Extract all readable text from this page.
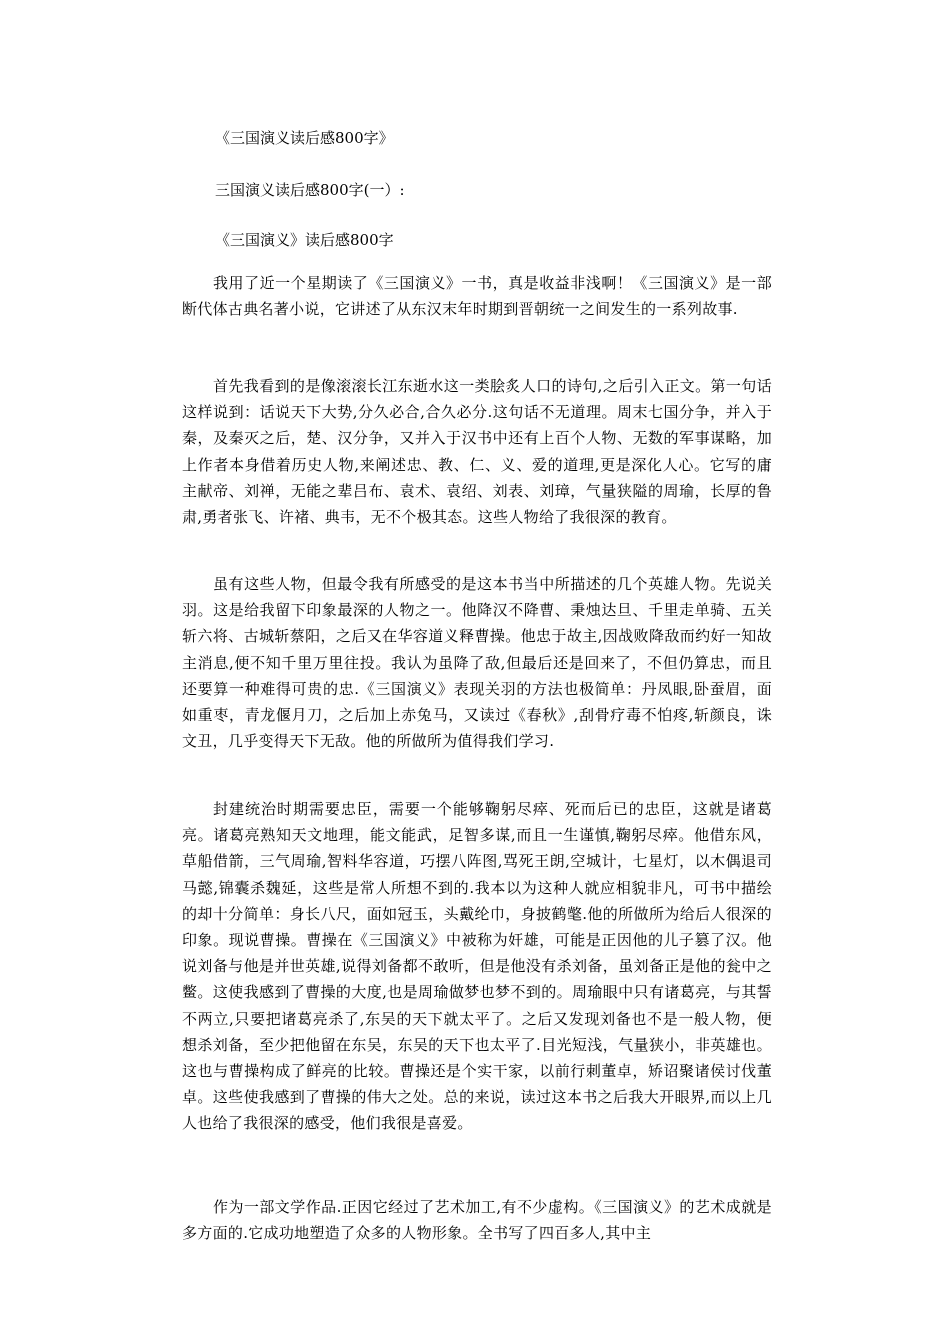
《三国演义读后感800字》
三国演义读后感800字(一）:
《三国演义》读后感800字

我用了近一个星期读了《三国演义》一书，真是收益非浅啊！《三国演义》是一部断代体古典名著小说，它讲述了从东汉末年时期到晋朝统一之间发生的一系列故事.

首先我看到的是像滚滚长江东逝水这一类脍炙人口的诗句,之后引入正文。第一句话这样说到：话说天下大势,分久必合,合久必分.这句话不无道理。周末七国分争，并入于秦，及秦灭之后，楚、汉分争，又并入于汉书中还有上百个人物、无数的军事谋略，加上作者本身借着历史人物,来阐述忠、教、仁、义、爱的道理,更是深化人心。它写的庸主献帝、刘禅，无能之辈吕布、袁术、袁绍、刘表、刘璋，气量狭隘的周瑜，长厚的鲁肃,勇者张飞、许褚、典韦，无不个极其态。这些人物给了我很深的教育。

虽有这些人物，但最令我有所感受的是这本书当中所描述的几个英雄人物。先说关羽。这是给我留下印象最深的人物之一。他降汉不降曹、秉烛达旦、千里走单骑、五关斩六将、古城斩蔡阳，之后又在华容道义释曹操。他忠于故主,因战败降敌而约好一知故主消息,便不知千里万里往投。我认为虽降了敌,但最后还是回来了，不但仍算忠，而且还要算一种难得可贵的忠.《三国演义》表现关羽的方法也极简单：丹凤眼,卧蚕眉，面如重枣，青龙偃月刀，之后加上赤兔马，又读过《春秋》,刮骨疗毒不怕疼,斩颜良，诛文丑，几乎变得天下无敌。他的所做所为值得我们学习.

封建统治时期需要忠臣，需要一个能够鞠躬尽瘁、死而后已的忠臣，这就是诸葛亮。诸葛亮熟知天文地理，能文能武，足智多谋,而且一生谨慎,鞠躬尽瘁。他借东风，草船借箭，三气周瑜,智料华容道，巧摆八阵图,骂死王朗,空城计，七星灯，以木偶退司马懿,锦囊杀魏延，这些是常人所想不到的.我本以为这种人就应相貌非凡，可书中描绘的却十分简单：身长八尺，面如冠玉，头戴纶巾，身披鹤氅.他的所做所为给后人很深的印象。现说曹操。曹操在《三国演义》中被称为奸雄，可能是正因他的儿子篡了汉。他说刘备与他是并世英雄,说得刘备都不敢听，但是他没有杀刘备，虽刘备正是他的瓮中之鳖。这使我感到了曹操的大度,也是周瑜做梦也梦不到的。周瑜眼中只有诸葛亮，与其誓不两立,只要把诸葛亮杀了,东吴的天下就太平了。之后又发现刘备也不是一般人物，便想杀刘备，至少把他留在东吴，东吴的天下也太平了.目光短浅，气量狭小，非英雄也。这也与曹操构成了鲜亮的比较。曹操还是个实干家，以前行刺董卓，矫诏聚诸侯讨伐董卓。这些使我感到了曹操的伟大之处。总的来说，读过这本书之后我大开眼界,而以上几人也给了我很深的感受，他们我很是喜爱。

作为一部文学作品.正因它经过了艺术加工,有不少虚构。《三国演义》的艺术成就是多方面的.它成功地塑造了众多的人物形象。全书写了四百多人,其中主
